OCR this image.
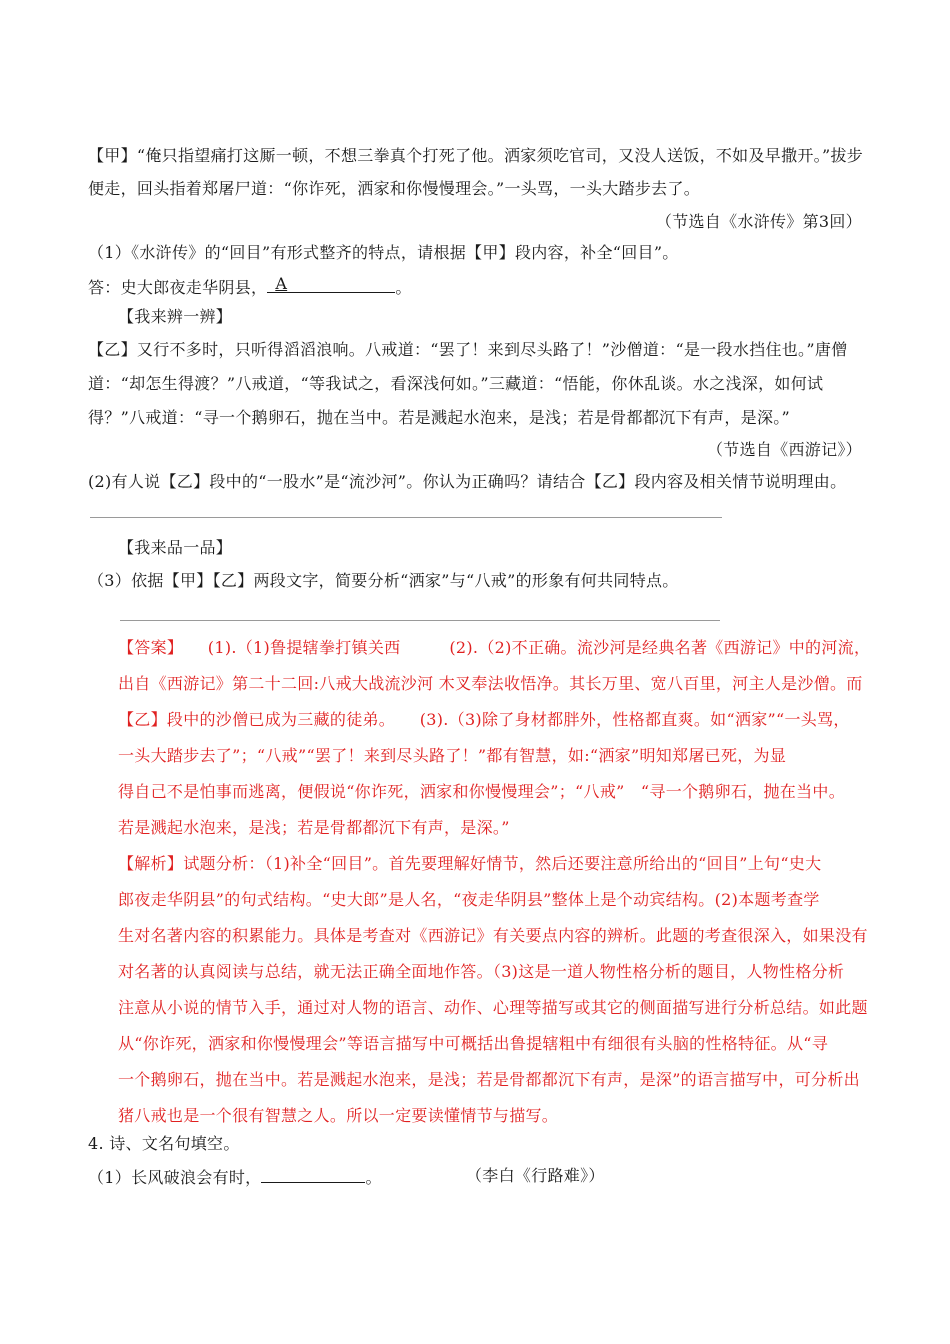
【甲】“俺只指望痛打这厮一顿，不想三拳真个打死了他。洒家须吃官司，又没人送饭，不如及早撒开。”拔步
便走，回头指着郑屠尸道：“你诈死，洒家和你慢慢理会。”一头骂，一头大踏步去了。
（节选自《水浒传》第3回）
（1）《水浒传》的“回目”有形式整齐的特点，请根据【甲】段内容，补全“回目”。
答：史大郎夜走华阴县， A	。
【我来辨一辨】
【乙】又行不多时，只听得滔滔浪响。八戒道：“罢了！来到尽头路了！”沙僧道：“是一段水挡住也。”唐僧
道：“却怎生得渡？”八戒道，“等我试之，看深浅何如。”三藏道：“悟能，你休乱谈。水之浅深，如何试
得？”八戒道：“寻一个鹅卵石，抛在当中。若是溅起水泡来，是浅；若是骨都都沉下有声，是深。”
（节选自《西游记》）
(2)有人说【乙】段中的“一股水”是“流沙河”。你认为正确吗？请结合【乙】段内容及相关情节说明理由。
【我来品一品】
（3）依据【甲】【乙】两段文字，简要分析“洒家”与“八戒”的形象有何共同特点。
【答案】　　(1).（1)鲁提辖拳打镇关西　　　(2).（2)不正确。流沙河是经典名著《西游记》中的河流，
出自《西游记》第二十二回:八戒大战流沙河 木叉奉法收悟净。其长万里、宽八百里，河主人是沙僧。而
【乙】段中的沙僧已成为三藏的徒弟。　　(3).（3)除了身材都胖外，性格都直爽。如“洒家”“一头骂，
一头大踏步去了”；“八戒”“罢了！来到尽头路了！”都有智慧，如:“洒家”明知郑屠已死，为显
得自己不是怕事而逃离，便假说“你诈死，洒家和你慢慢理会”；“八戒”　“寻一个鹅卵石，抛在当中。
若是溅起水泡来，是浅；若是骨都都沉下有声，是深。”
【解析】试题分析：（1)补全“回目”。首先要理解好情节，然后还要注意所给出的“回目”上句“史大
郎夜走华阴县”的句式结构。“史大郎”是人名，“夜走华阴县”整体上是个动宾结构。(2)本题考查学
生对名著内容的积累能力。具体是考查对《西游记》有关要点内容的辨析。此题的考查很深入，如果没有
对名著的认真阅读与总结，就无法正确全面地作答。（3)这是一道人物性格分析的题目，人物性格分析
注意从小说的情节入手，通过对人物的语言、动作、心理等描写或其它的侧面描写进行分析总结。如此题
从“你诈死，洒家和你慢慢理会”等语言描写中可概括出鲁提辖粗中有细很有头脑的性格特征。从“寻
一个鹅卵石，抛在当中。若是溅起水泡来，是浅；若是骨都都沉下有声，是深”的语言描写中，可分析出
猪八戒也是一个很有智慧之人。所以一定要读懂情节与描写。
4. 诗、文名句填空。
（1）长风破浪会有时，	。	（李白《行路难》）
